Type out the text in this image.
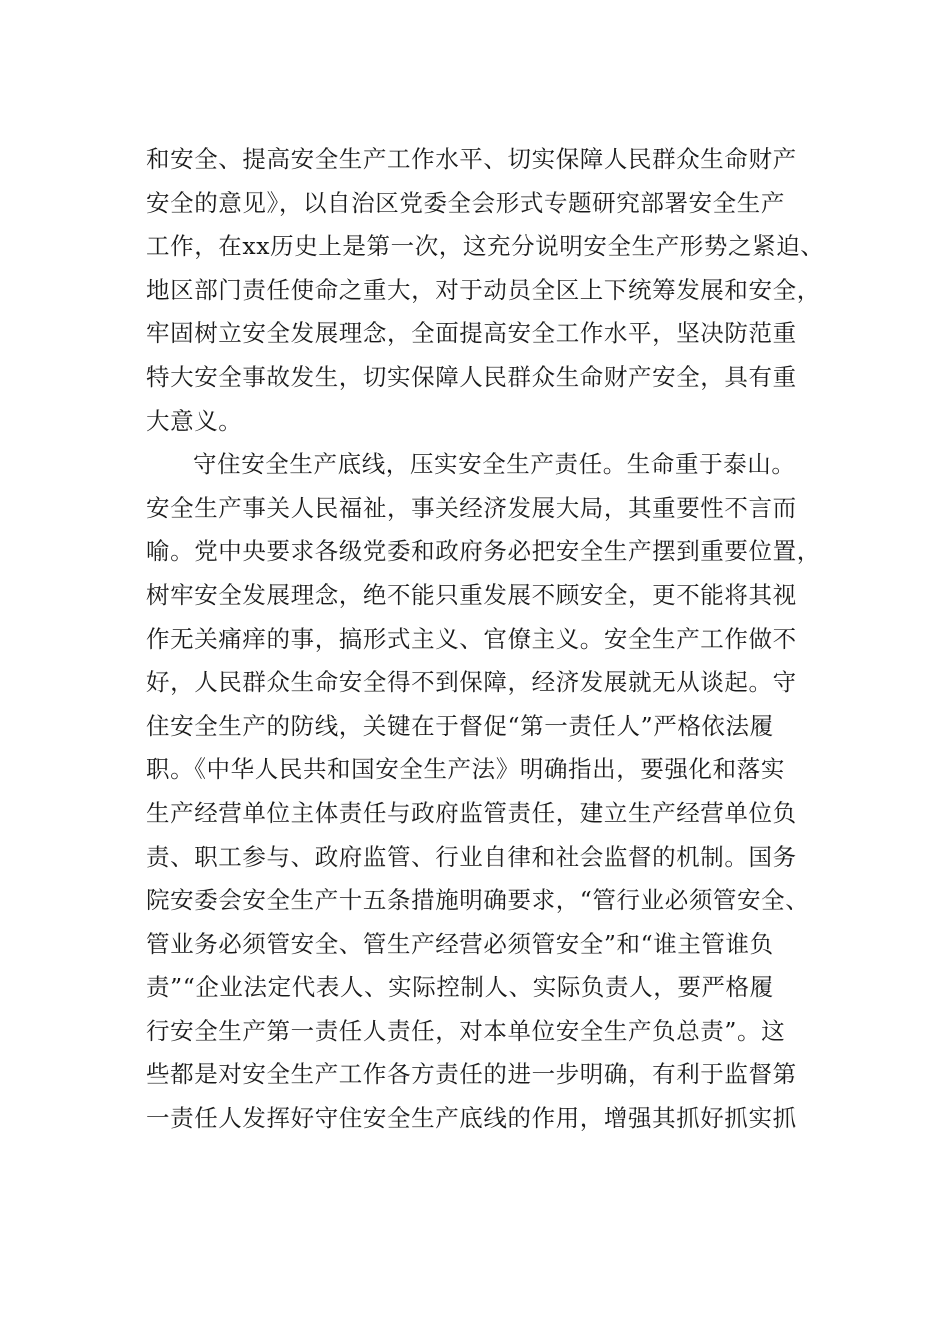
和安全、提高安全生产工作水平、切实保障人民群众生命财产
安全的意见》，以自治区党委全会形式专题研究部署安全生产
工作，在xx历史上是第一次，这充分说明安全生产形势之紧迫、
地区部门责任使命之重大，对于动员全区上下统筹发展和安全，
牢固树立安全发展理念，全面提高安全工作水平，坚决防范重
特大安全事故发生，切实保障人民群众生命财产安全，具有重
大意义。
守住安全生产底线，压实安全生产责任。生命重于泰山。
安全生产事关人民福祉，事关经济发展大局，其重要性不言而
喻。党中央要求各级党委和政府务必把安全生产摆到重要位置，
树牢安全发展理念，绝不能只重发展不顾安全，更不能将其视
作无关痛痒的事，搞形式主义、官僚主义。安全生产工作做不
好，人民群众生命安全得不到保障，经济发展就无从谈起。守
住安全生产的防线，关键在于督促“第一责任人”严格依法履
职。《中华人民共和国安全生产法》明确指出，要强化和落实
生产经营单位主体责任与政府监管责任，建立生产经营单位负
责、职工参与、政府监管、行业自律和社会监督的机制。国务
院安委会安全生产十五条措施明确要求，“管行业必须管安全、
管业务必须管安全、管生产经营必须管安全”和“谁主管谁负
责”“企业法定代表人、实际控制人、实际负责人，要严格履
行安全生产第一责任人责任，对本单位安全生产负总责”。这
些都是对安全生产工作各方责任的进一步明确，有利于监督第
一责任人发挥好守住安全生产底线的作用，增强其抓好抓实抓
